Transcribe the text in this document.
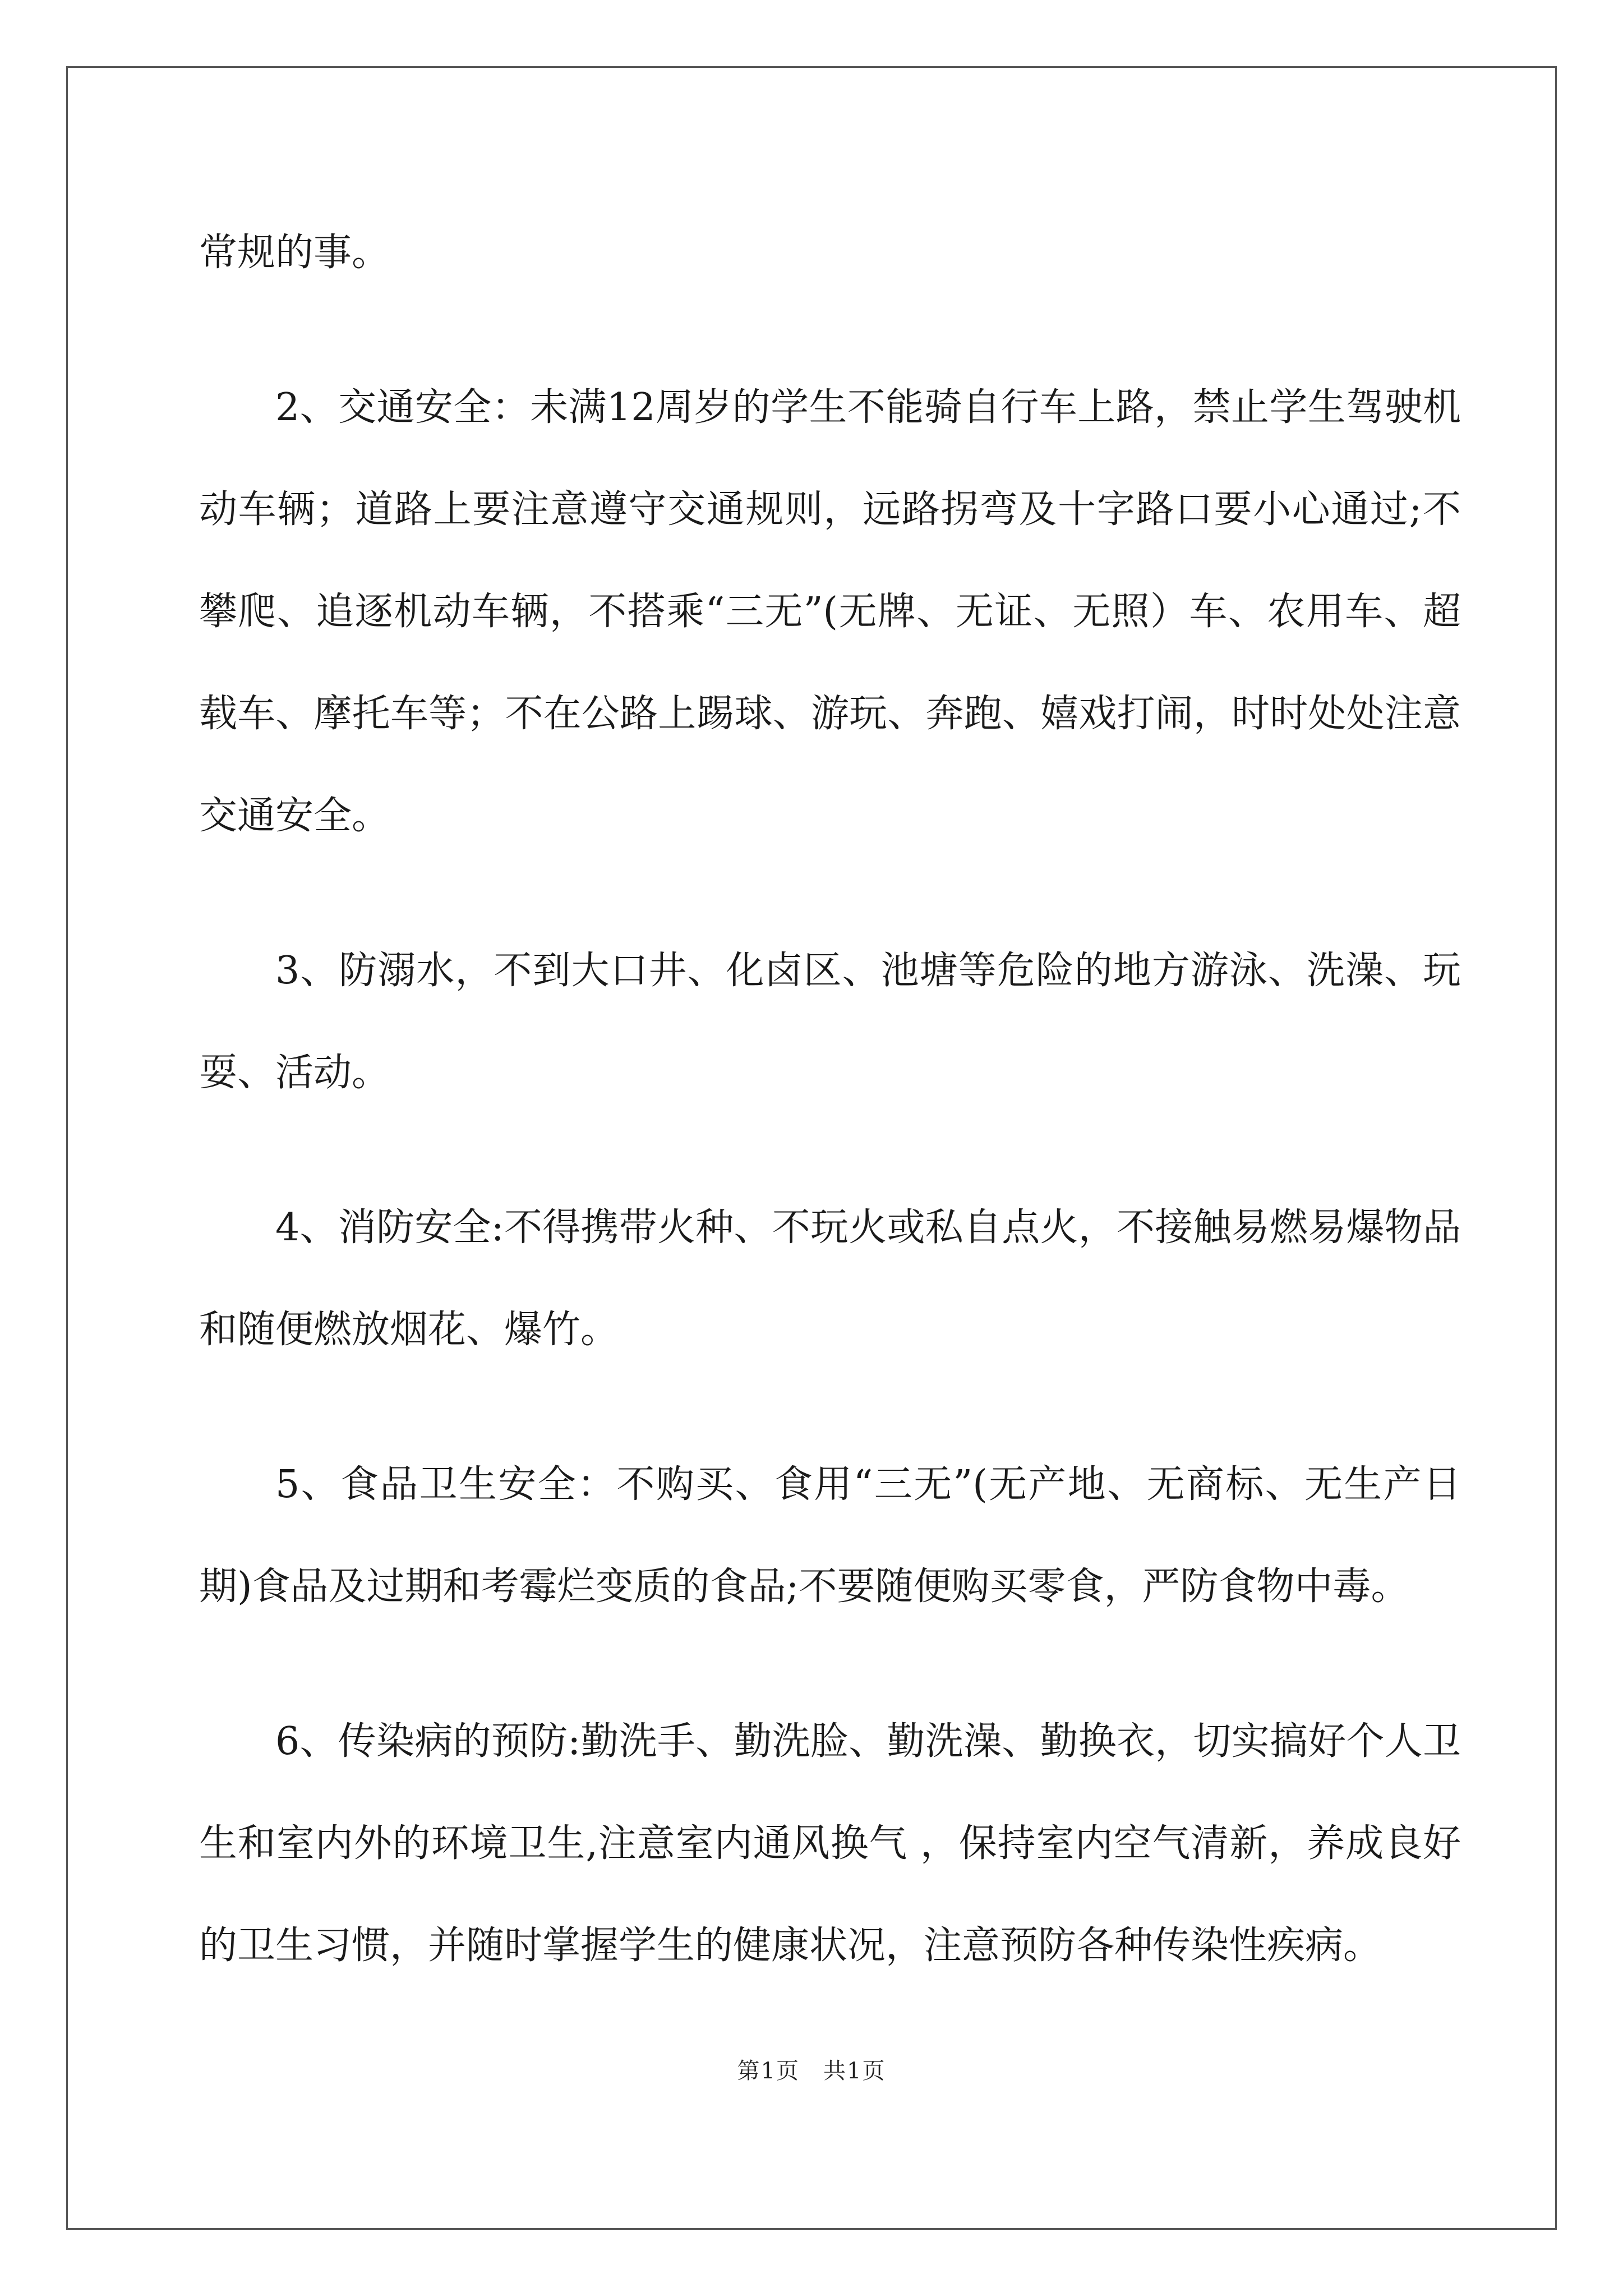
常规的事。

2、交通安全：未满12周岁的学生不能骑自行车上路，禁止学生驾驶机动车辆；道路上要注意遵守交通规则，远路拐弯及十字路口要小心通过;不攀爬、追逐机动车辆，不搭乘“三无”(无牌、无证、无照）车、农用车、超载车、摩托车等；不在公路上踢球、游玩、奔跑、嬉戏打闹，时时处处注意交通安全。

3、防溺水，不到大口井、化卤区、池塘等危险的地方游泳、洗澡、玩耍、活动。

4、消防安全:不得携带火种、不玩火或私自点火，不接触易燃易爆物品和随便燃放烟花、爆竹。

5、食品卫生安全：不购买、食用“三无”(无产地、无商标、无生产日期)食品及过期和考霉烂变质的食品;不要随便购买零食，严防食物中毒。

6、传染病的预防:勤洗手、勤洗脸、勤洗澡、勤换衣，切实搞好个人卫生和室内外的环境卫生,注意室内通风换气 ，保持室内空气清新，养成良好的卫生习惯，并随时掌握学生的健康状况，注意预防各种传染性疾病。

第1页　共1页
